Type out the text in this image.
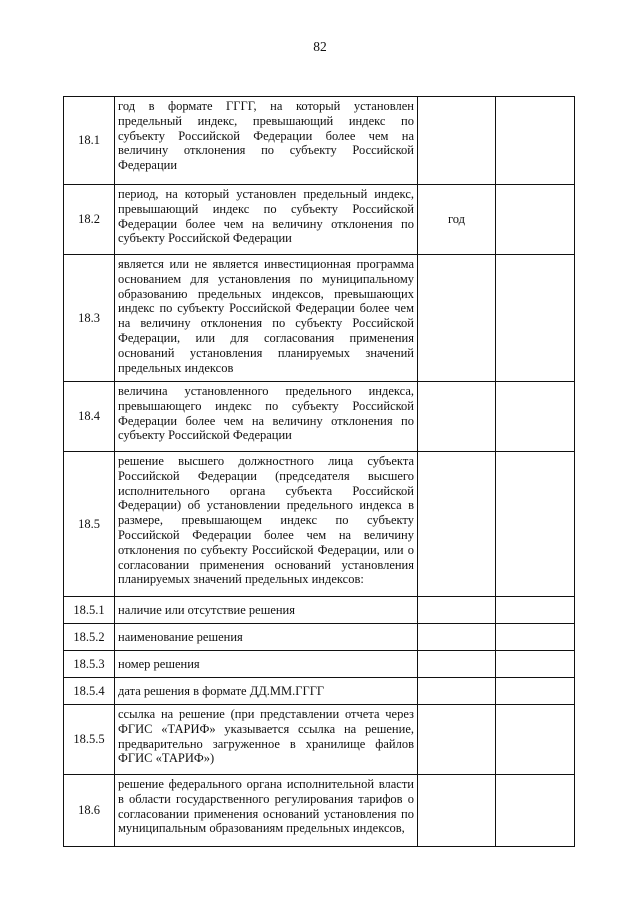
82
18.1	год в формате ГГГГ, на который установлен предельный индекс, превышающий индекс по субъекту Российской Федерации более чем на величину отклонения по субъекту Российской Федерации		
18.2	период, на который установлен предельный индекс, превышающий индекс по субъекту Российской Федерации более чем на величину отклонения по субъекту Российской Федерации	год	
18.3	является или не является инвестиционная программа основанием для установления по муниципальному образованию предельных индексов, превышающих индекс по субъекту Российской Федерации более чем на величину отклонения по субъекту Российской Федерации, или для согласования применения оснований установления планируемых значений предельных индексов		
18.4	величина установленного предельного индекса, превышающего индекс по субъекту Российской Федерации более чем на величину отклонения по субъекту Российской Федерации		
18.5	решение высшего должностного лица субъекта Российской Федерации (председателя высшего исполнительного органа субъекта Российской Федерации) об установлении предельного индекса в размере, превышающем индекс по субъекту Российской Федерации более чем на величину отклонения по субъекту Российской Федерации, или о согласовании применения оснований установления планируемых значений предельных индексов:		
18.5.1	наличие или отсутствие решения		
18.5.2	наименование решения		
18.5.3	номер решения		
18.5.4	дата решения в формате ДД.ММ.ГГГГ		
18.5.5	ссылка на решение (при представлении отчета через ФГИС «ТАРИФ» указывается ссылка на решение, предварительно загруженное в хранилище файлов ФГИС «ТАРИФ»)		
18.6	решение федерального органа исполнительной власти в области государственного регулирования тарифов о согласовании применения оснований установления по муниципальным образованиям предельных индексов,		
